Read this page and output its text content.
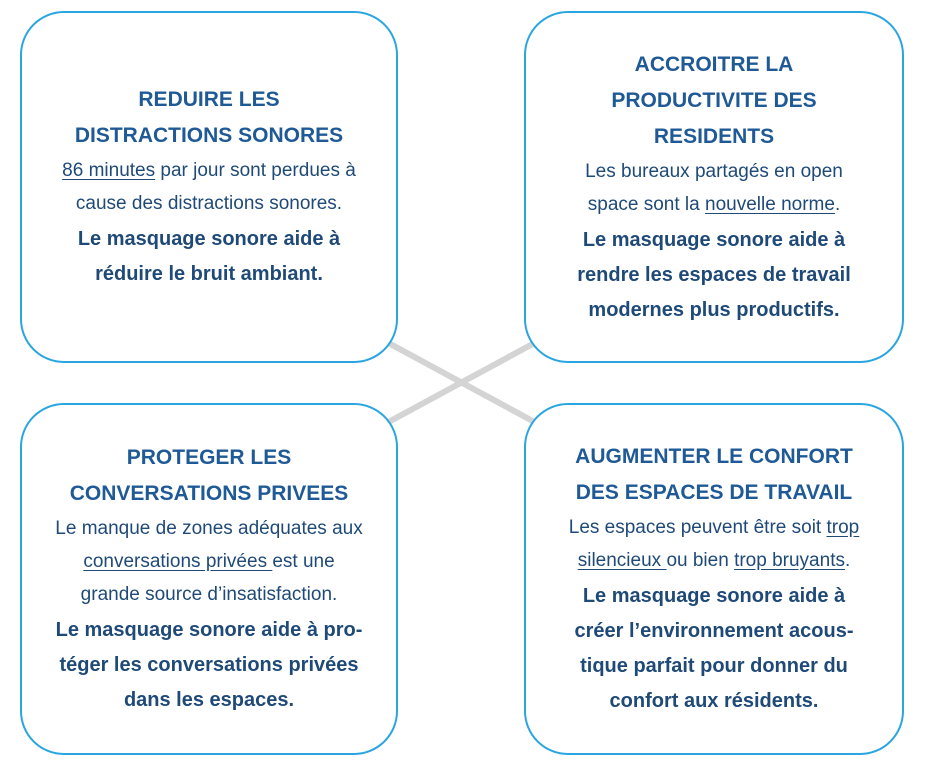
REDUIRE LES
DISTRACTIONS SONORES
86 minutes par jour sont perdues à
cause des distractions sonores.
Le masquage sonore aide à
réduire le bruit ambiant.
ACCROITRE LA
PRODUCTIVITE DES
RESIDENTS
Les bureaux partagés en open
space sont la nouvelle norme.
Le masquage sonore aide à
rendre les espaces de travail
modernes plus productifs.
PROTEGER LES
CONVERSATIONS PRIVEES
Le manque de zones adéquates aux
conversations privées est une
grande source d’insatisfaction.
Le masquage sonore aide à pro-
téger les conversations privées
dans les espaces.
AUGMENTER LE CONFORT
DES ESPACES DE TRAVAIL
Les espaces peuvent être soit trop
silencieux ou bien trop bruyants.
Le masquage sonore aide à
créer l’environnement acous-
tique parfait pour donner du
confort aux résidents.
